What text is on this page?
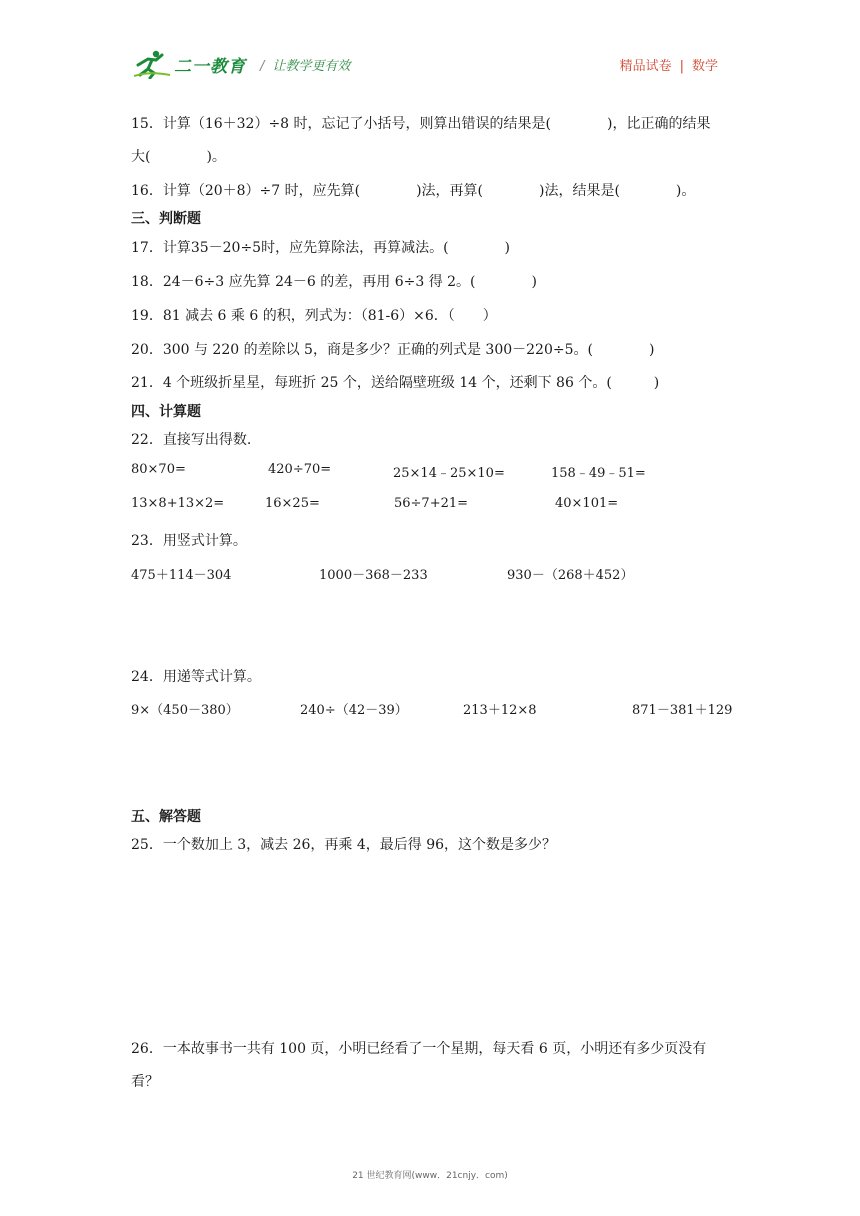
二一教育 / 让教学更有效	精品试卷 | 数学
15．计算（16＋32）÷8 时，忘记了小括号，则算出错误的结果是(　　　　)，比正确的结果
大(　　　　)。
16．计算（20＋8）÷7 时，应先算(　　　　)法，再算(　　　　)法，结果是(　　　　)。
三、判断题
17．计算35－20÷5时，应先算除法，再算减法。(　　　　)
18．24－6÷3 应先算 24－6 的差，再用 6÷3 得 2。(　　　　)
19．81 减去 6 乘 6 的积，列式为：（81-6）×6．（　　）
20．300 与 220 的差除以 5，商是多少？正确的列式是 300－220÷5。(　　　　)
21．4 个班级折星星，每班折 25 个，送给隔壁班级 14 个，还剩下 86 个。(　　　)
四、计算题
22．直接写出得数.
80×70=	420÷70=	25×14﹣25×10=	158﹣49﹣51=
13×8+13×2=	16×25=	56÷7+21=	40×101=
23．用竖式计算。
475＋114－304	1000－368－233	930－（268＋452）
24．用递等式计算。
9×（450－380）	240÷（42－39）	213＋12×8	871－381＋129
五、解答题
25．一个数加上 3，减去 26，再乘 4，最后得 96，这个数是多少？
26．一本故事书一共有 100 页，小明已经看了一个星期，每天看 6 页，小明还有多少页没有
看？
21 世纪教育网(www．21cnjy．com)
